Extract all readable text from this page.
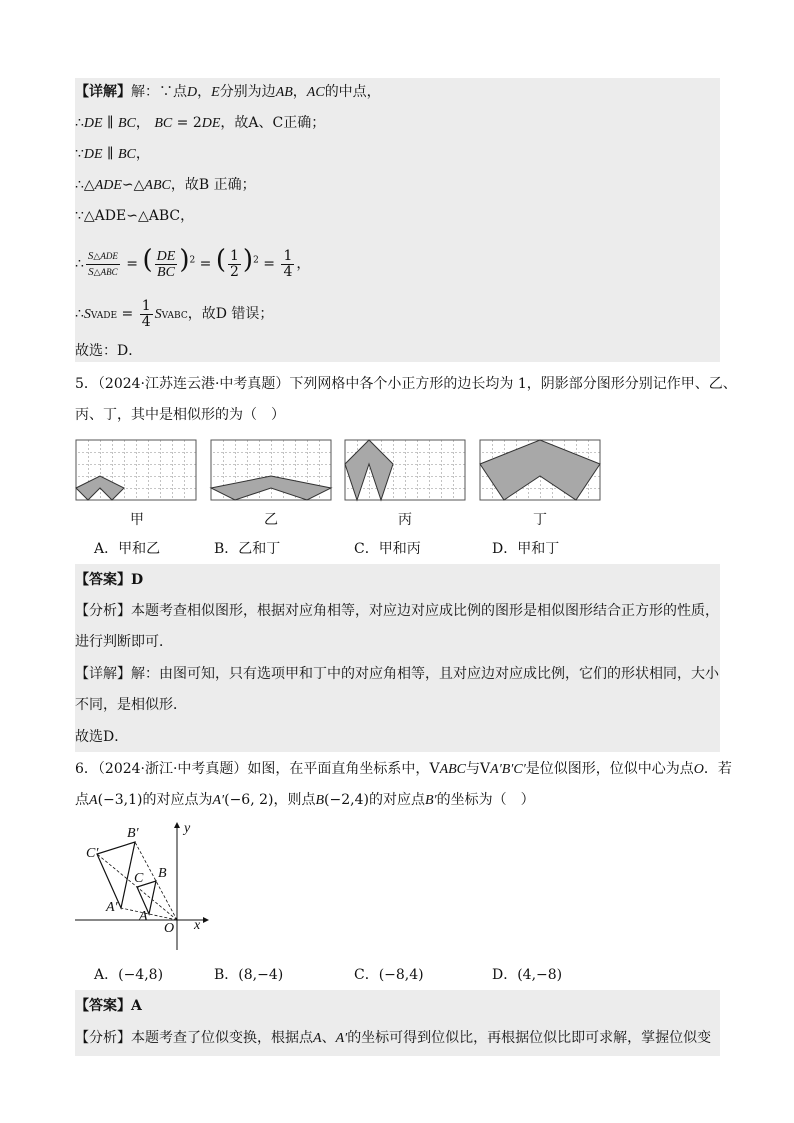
【详解】解：∵点D，E分别为边AB，AC的中点，
∴DE ∥ BC， BC = 2DE，故A、C正确；
∵DE ∥ BC，
∴△ADE∽△ABC，故B 正确；
∵△ADE∽△ABC，
∴ $\frac{\text{S△ADE}}{\text{S△ABC}}$ = ( $\frac{DE}{BC} )^2$ = ( $\frac{1}{2} )^2 = \frac{1}{4}$ ，
∴SVADE = $\frac{1}{4}$ SVABC，故D 错误；
故选：D．
5．（2024·江苏连云港·中考真题）下列网格中各个小正方形的边长均为 1，阴影部分图形分别记作甲、乙、
丙、丁，其中是相似形的为（　）
甲	乙	丙	丁
A．甲和乙	B．乙和丁	C．甲和丙	D．甲和丁
【答案】D
【分析】本题考查相似图形，根据对应角相等，对应边对应成比例的图形是相似图形结合正方形的性质，
进行判断即可．
【详解】解：由图可知，只有选项甲和丁中的对应角相等，且对应边对应成比例，它们的形状相同，大小
不同，是相似形．
故选D．
6．（2024·浙江·中考真题）如图，在平面直角坐标系中，VABC与VA′B′C′是位似图形，位似中心为点O．若
点A(−3,1)的对应点为A′(−6, 2)，则点B(−2,4)的对应点B′的坐标为（　）
B′
C′
y
B
C
A′
A
O x
A．(−4,8)	B．(8,−4)	C．(−8,4)	D．(4,−8)
【答案】A
【分析】本题考查了位似变换，根据点A、A′的坐标可得到位似比，再根据位似比即可求解，掌握位似变
